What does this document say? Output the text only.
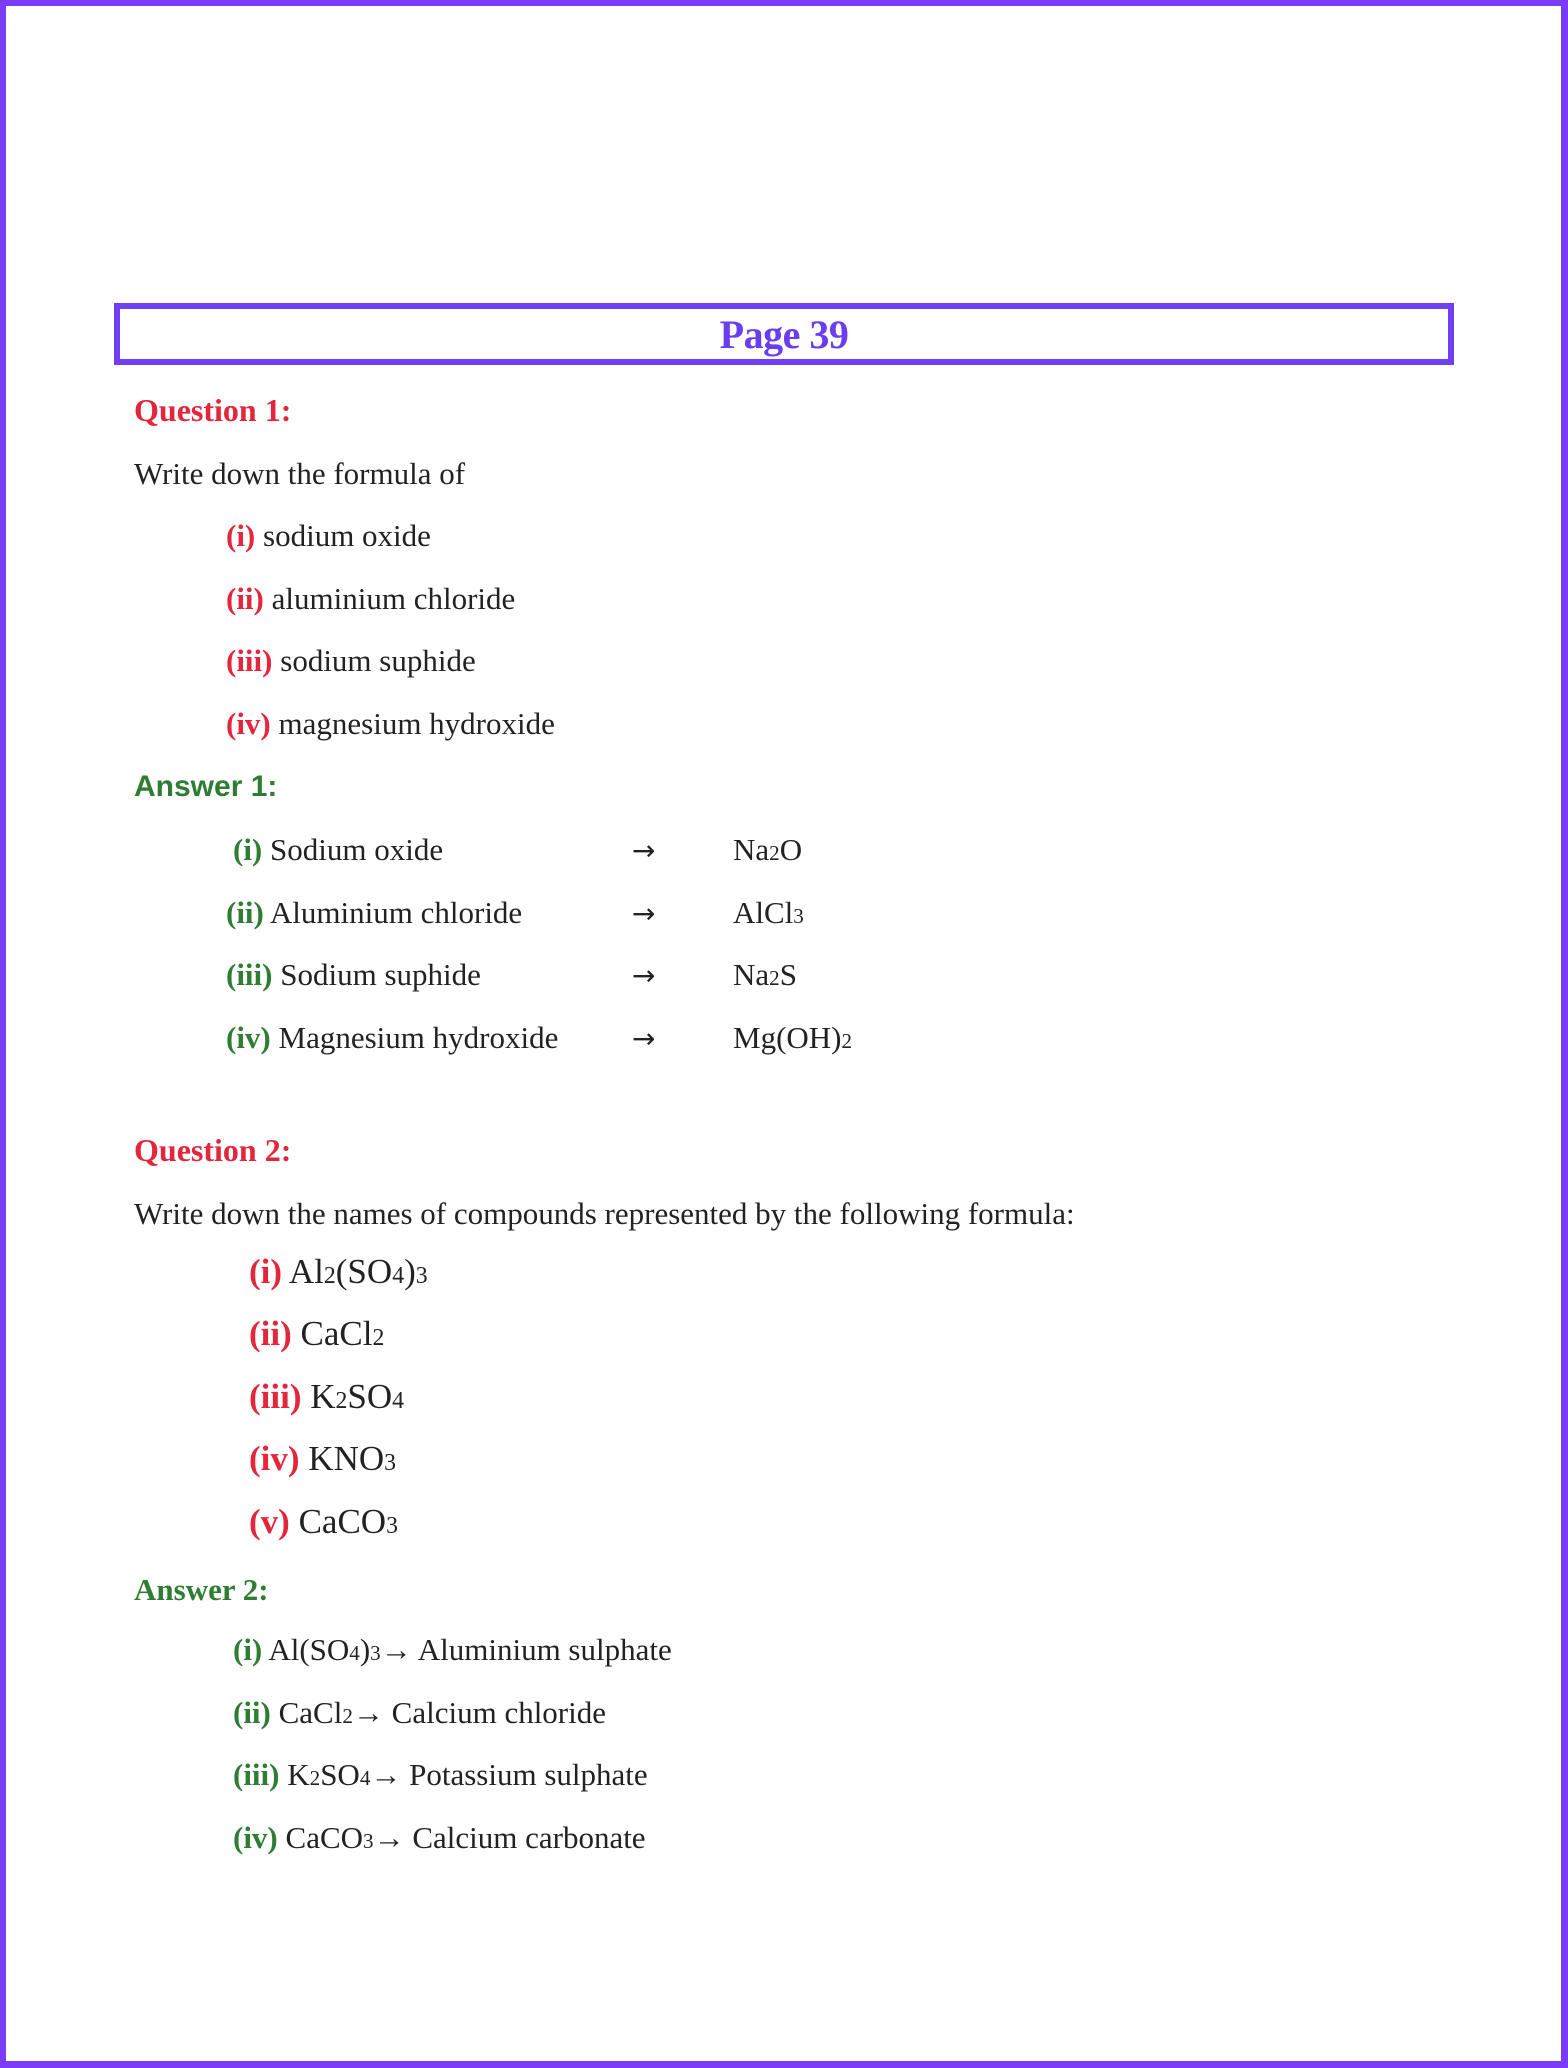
Page 39
Question 1:
Write down the formula of
(i) sodium oxide
(ii) aluminium chloride
(iii) sodium suphide
(iv) magnesium hydroxide
Answer 1:
(i) Sodium oxide	→	Na2O
(ii) Aluminium chloride	→	AlCl3
(iii) Sodium suphide	→	Na2S
(iv) Magnesium hydroxide	→	Mg(OH)2
Question 2:
Write down the names of compounds represented by the following formula:
(i) Al2(SO4)3
(ii) CaCl2
(iii) K2SO4
(iv) KNO3
(v) CaCO3
Answer 2:
(i) Al(SO4)3→ Aluminium sulphate
(ii) CaCl2→ Calcium chloride
(iii) K2SO4→ Potassium sulphate
(iv) CaCO3→ Calcium carbonate
